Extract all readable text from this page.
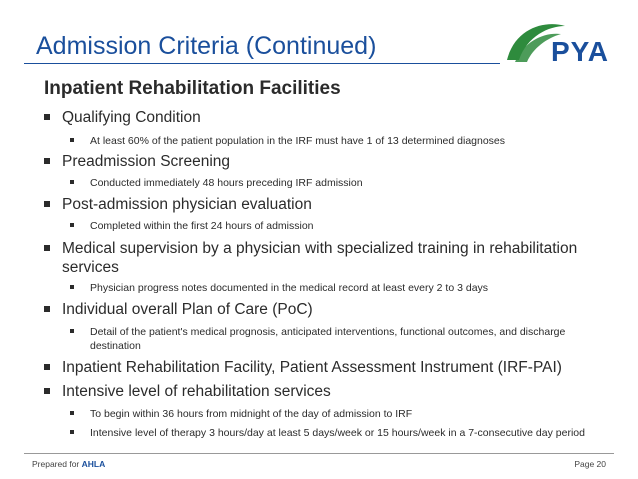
Admission Criteria (Continued)	PYA
Inpatient Rehabilitation Facilities
Qualifying Condition
At least 60% of the patient population in the IRF must have 1 of 13 determined diagnoses
Preadmission Screening
Conducted immediately 48 hours preceding IRF admission
Post-admission physician evaluation
Completed within the first 24 hours of admission
Medical supervision by a physician with specialized training in rehabilitation services
Physician progress notes documented in the medical record at least every 2 to 3 days
Individual overall Plan of Care (PoC)
Detail of the patient's medical prognosis, anticipated interventions, functional outcomes, and discharge destination
Inpatient Rehabilitation Facility, Patient Assessment Instrument (IRF-PAI)
Intensive level of rehabilitation services
To begin within 36 hours from midnight of the day of admission to IRF
Intensive level of therapy 3 hours/day at least 5 days/week or 15 hours/week in a 7-consecutive day period
Prepared for AHLA	Page 20
